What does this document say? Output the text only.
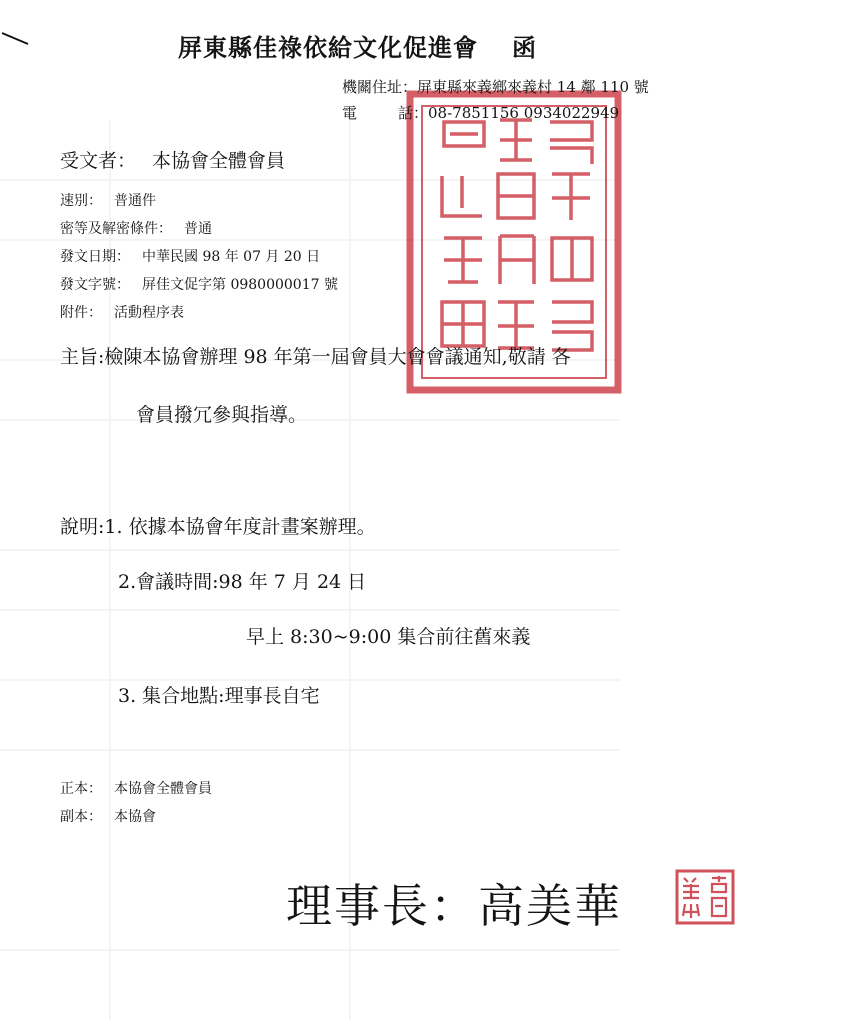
屏東縣佳祿依給文化促進會 函
機關住址：屏東縣來義鄉來義村 14 鄰 110 號
電	話：08-7851156 0934022949
受文者： 本協會全體會員
速別： 普通件
密等及解密條件： 普通
發文日期： 中華民國 98 年 07 月 20 日
發文字號： 屏佳文促字第 0980000017 號
附件： 活動程序表
主旨:檢陳本協會辦理 98 年第一屆會員大會會議通知,敬請 各
會員撥冗參與指導。
說明:1. 依據本協會年度計畫案辦理。
2.會議時間:98 年 7 月 24 日
早上 8:30~9:00 集合前往舊來義
3. 集合地點:理事長自宅
正本： 本協會全體會員
副本： 本協會
理事長：高美華
